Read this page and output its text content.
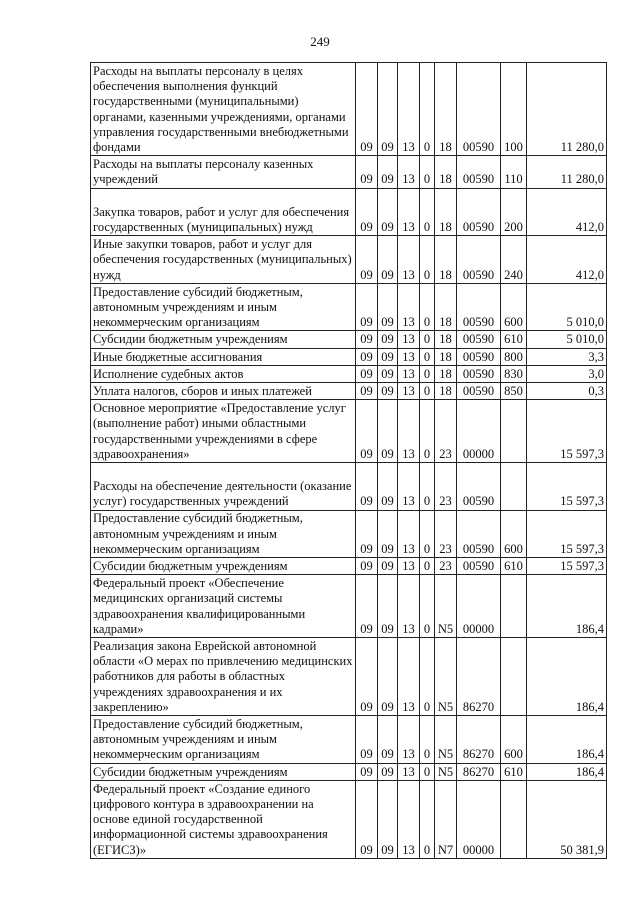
249
Расходы на выплаты персоналу в целях обеспечения выполнения функций государственными (муниципальными) органами, казенными учреждениями, органами управления государственными внебюджетными фондами	09	09	13	0	18	00590	100	11 280,0

Расходы на выплаты персоналу казенных учреждений	09	09	13	0	18	00590	110	11 280,0

Закупка товаров, работ и услуг для обеспечения государственных (муниципальных) нужд	09	09	13	0	18	00590	200	412,0

Иные закупки товаров, работ и услуг для обеспечения государственных (муниципальных) нужд	09	09	13	0	18	00590	240	412,0

Предоставление субсидий бюджетным, автономным учреждениям и иным некоммерческим организациям	09	09	13	0	18	00590	600	5 010,0

Субсидии бюджетным учреждениям	09	09	13	0	18	00590	610	5 010,0

Иные бюджетные ассигнования	09	09	13	0	18	00590	800	3,3

Исполнение судебных актов	09	09	13	0	18	00590	830	3,0

Уплата налогов, сборов и иных платежей	09	09	13	0	18	00590	850	0,3

Основное мероприятие «Предоставление услуг (выполнение работ) иными областными государственными учреждениями в сфере здравоохранения»	09	09	13	0	23	00000		15 597,3

Расходы на обеспечение деятельности (оказание услуг) государственных учреждений	09	09	13	0	23	00590		15 597,3

Предоставление субсидий бюджетным, автономным учреждениям и иным некоммерческим организациям	09	09	13	0	23	00590	600	15 597,3

Субсидии бюджетным учреждениям	09	09	13	0	23	00590	610	15 597,3

Федеральный проект «Обеспечение медицинских организаций системы здравоохранения квалифицированными кадрами»	09	09	13	0	N5	00000		186,4

Реализация закона Еврейской автономной области «О мерах по привлечению медицинских работников для работы в областных учреждениях здравоохранения и их закреплению»	09	09	13	0	N5	86270		186,4

Предоставление субсидий бюджетным, автономным учреждениям и иным некоммерческим организациям	09	09	13	0	N5	86270	600	186,4

Субсидии бюджетным учреждениям	09	09	13	0	N5	86270	610	186,4

Федеральный проект «Создание единого цифрового контура в здравоохранении на основе единой государственной информационной системы здравоохранения (ЕГИСЗ)»	09	09	13	0	N7	00000		50 381,9
